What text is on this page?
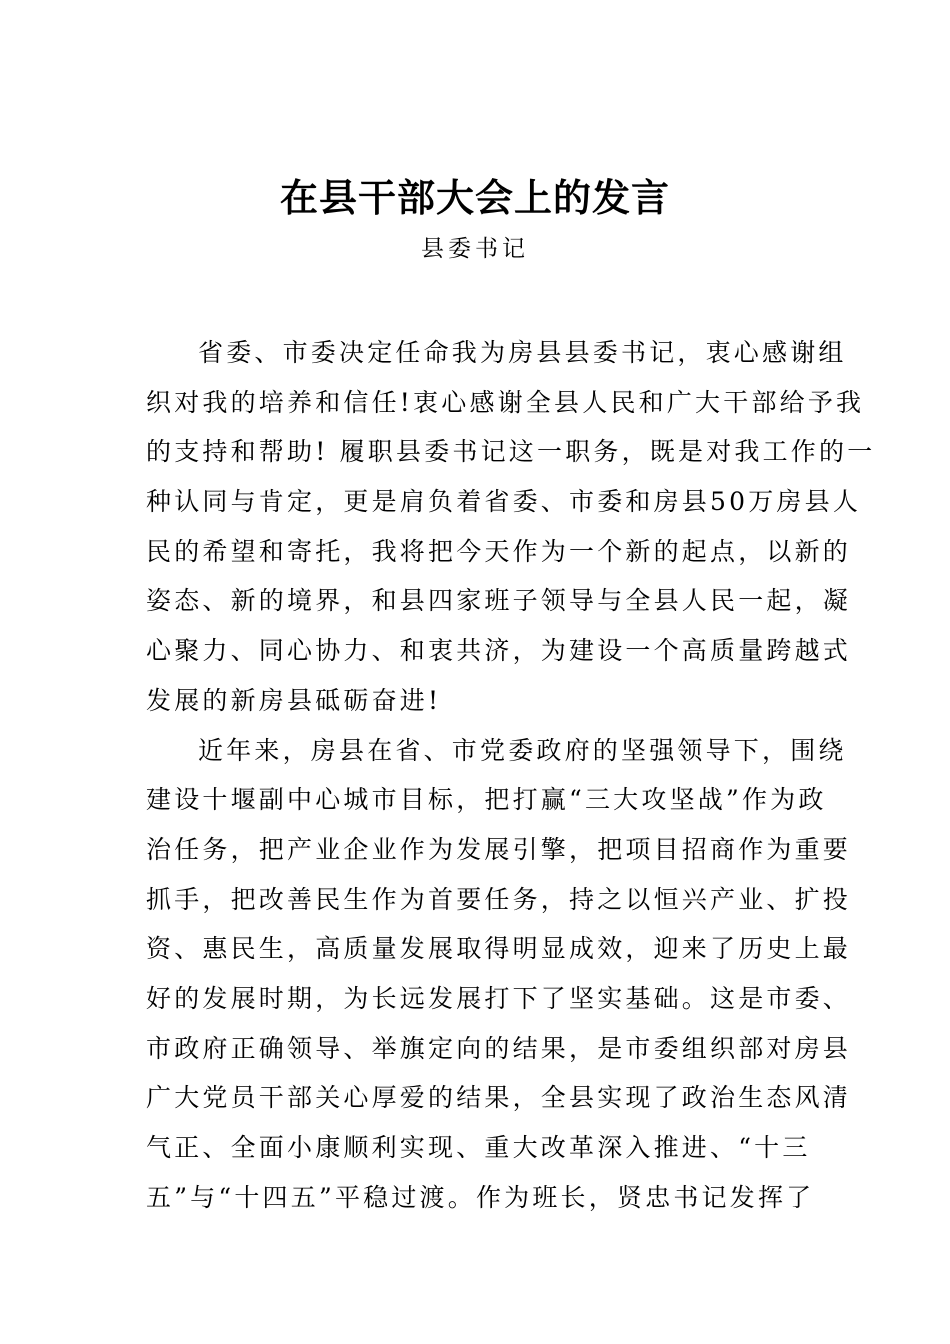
在县干部大会上的发言
县委书记
省委、市委决定任命我为房县县委书记，衷心感谢组
织对我的培养和信任!衷心感谢全县人民和广大干部给予我
的支持和帮助! 履职县委书记这一职务，既是对我工作的一
种认同与肯定，更是肩负着省委、市委和房县50万房县人
民的希望和寄托，我将把今天作为一个新的起点，以新的
姿态、新的境界，和县四家班子领导与全县人民一起，凝
心聚力、同心协力、和衷共济，为建设一个高质量跨越式
发展的新房县砥砺奋进!
近年来，房县在省、市党委政府的坚强领导下，围绕
建设十堰副中心城市目标，把打赢“三大攻坚战”作为政
治任务，把产业企业作为发展引擎，把项目招商作为重要
抓手，把改善民生作为首要任务，持之以恒兴产业、扩投
资、惠民生，高质量发展取得明显成效，迎来了历史上最
好的发展时期，为长远发展打下了坚实基础。这是市委、
市政府正确领导、举旗定向的结果，是市委组织部对房县
广大党员干部关心厚爱的结果，全县实现了政治生态风清
气正、全面小康顺利实现、重大改革深入推进、“十三
五”与“十四五”平稳过渡。作为班长，贤忠书记发挥了
